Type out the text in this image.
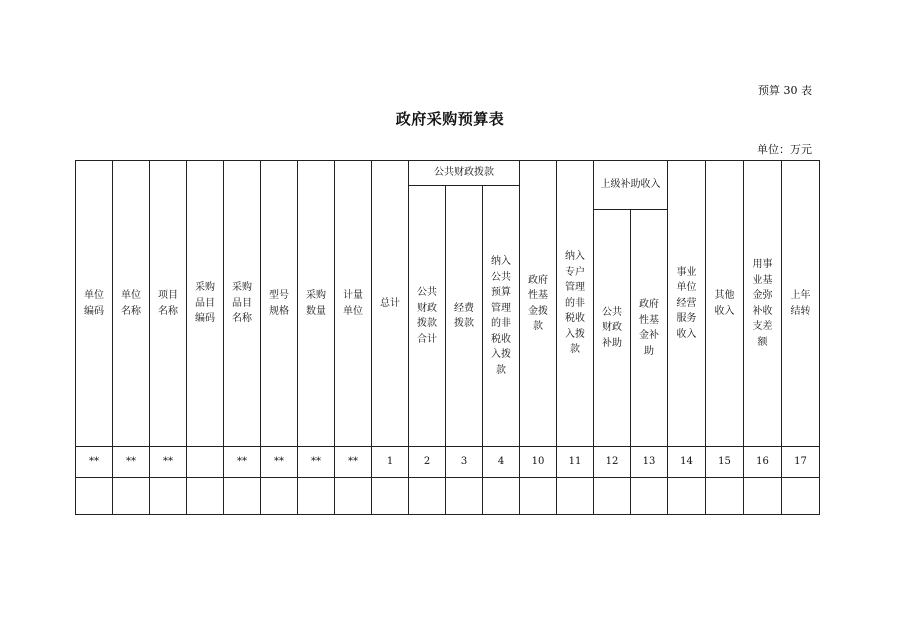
预算 30 表
政府采购预算表
单位：万元
单位编码	单位名称	项目名称	采购品目编码	采购品目名称	型号规格	采购数量	计量单位	总计	公共财政拨款			政府性基金拨款	纳入专户管理的非税收入拨款	上级补助收入		事业单位经营服务收入	其他收入	用事业基金弥补收支差额	上年结转
									公共财政拨款合计	经费拨款	纳入公共预算管理的非税收入拨款								
														公共财政补助	政府性基金补助				
**	**	**		**	**	**	**	1	2	3	4	10	11	12	13	14	15	16	17
